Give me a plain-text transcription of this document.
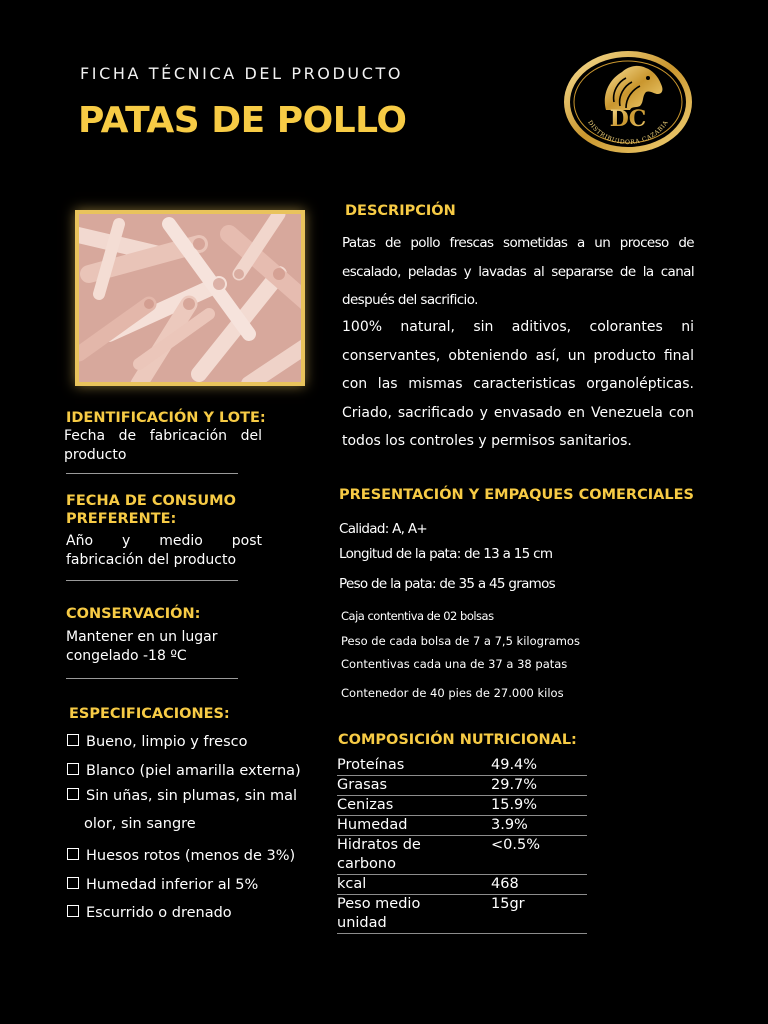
FICHA TÉCNICA DEL PRODUCTO
PATAS DE POLLO	DC
DISTRIBUIDORA CAZABIA
IDENTIFICACIÓN Y LOTE:
Fecha de fabricación del producto
FECHA DE CONSUMO PREFERENTE:
Año y medio post fabricación del producto
CONSERVACIÓN:
Mantener en un lugar congelado -18 ºC
ESPECIFICACIONES:
Bueno, limpio y fresco
Blanco (piel amarilla externa)
Sin uñas, sin plumas, sin mal
olor, sin sangre
Huesos rotos (menos de 3%)
Humedad inferior al 5%
Escurrido o drenado
DESCRIPCIÓN
Patas de pollo frescas sometidas a un proceso de escalado, peladas y lavadas al separarse de la canal después del sacrificio.
100% natural, sin aditivos, colorantes ni conservantes, obteniendo así, un producto final con las mismas caracteristicas organolépticas. Criado, sacrificado y envasado en Venezuela con todos los controles y permisos sanitarios.
PRESENTACIÓN Y EMPAQUES COMERCIALES
Calidad: A, A+
Longitud de la pata: de 13 a 15 cm
Peso de la pata: de 35 a 45 gramos
Caja contentiva de 02 bolsas
Peso de cada bolsa de 7 a 7,5 kilogramos
Contentivas cada una de 37 a 38 patas
Contenedor de 40 pies de 27.000 kilos
COMPOSICIÓN NUTRICIONAL:
Proteínas	49.4%
Grasas	29.7%
Cenizas	15.9%
Humedad	3.9%
Hidratos de carbono	<0.5%
kcal	468
Peso medio unidad	15gr
